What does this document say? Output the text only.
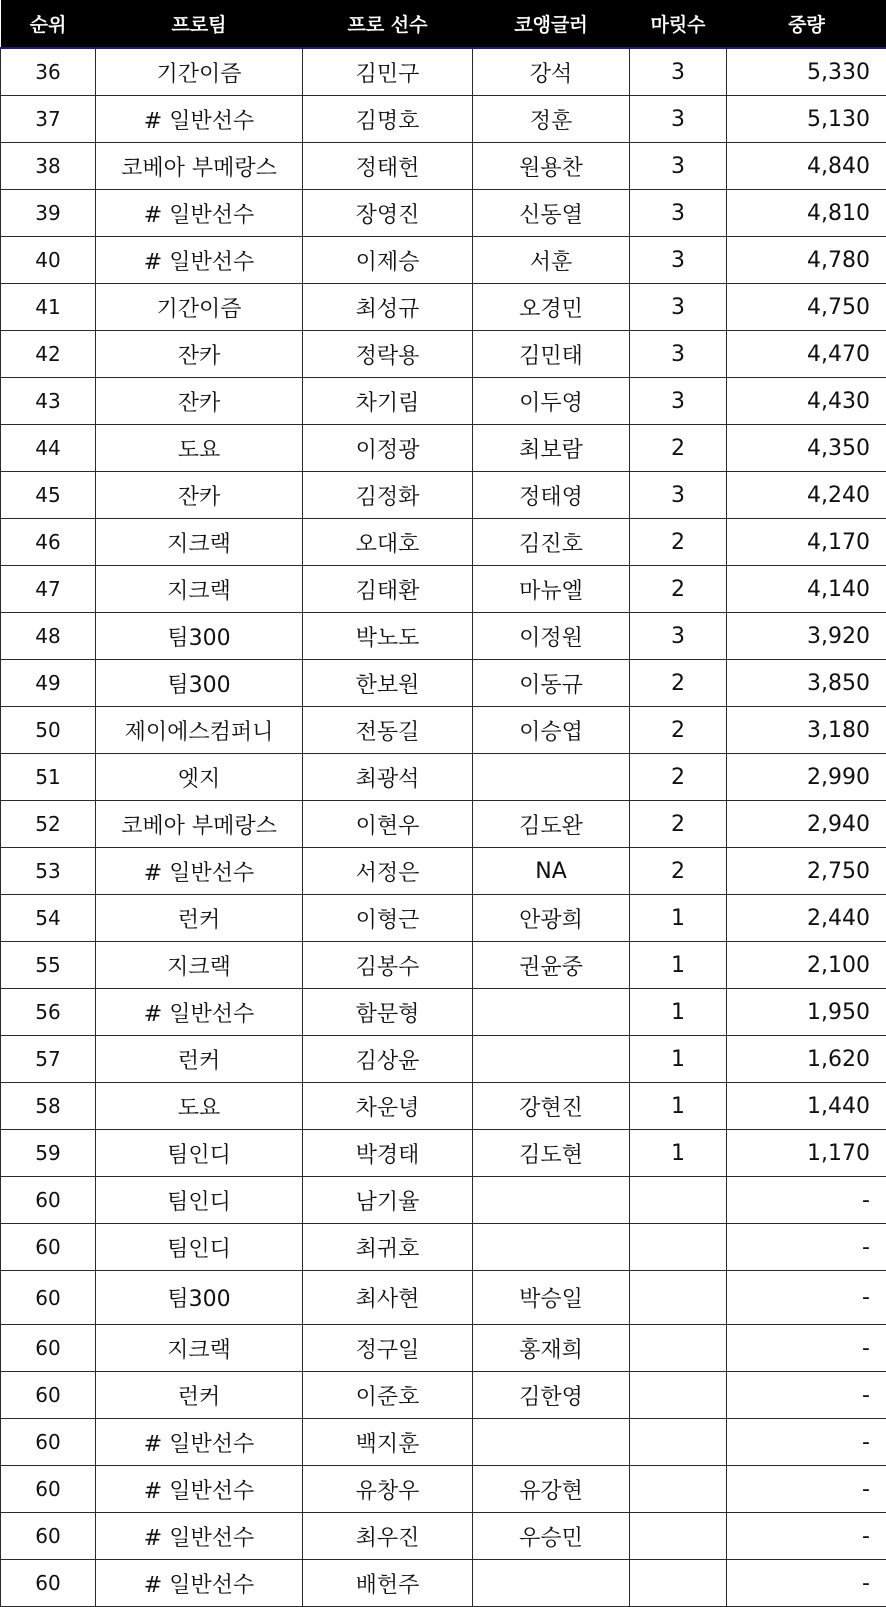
순위	프로팀	프로 선수	코앵글러	마릿수	중량
36	기간이즘	김민구	강석	3	5,330
37	# 일반선수	김명호	정훈	3	5,130
38	코베아 부메랑스	정태헌	원용찬	3	4,840
39	# 일반선수	장영진	신동열	3	4,810
40	# 일반선수	이제승	서훈	3	4,780
41	기간이즘	최성규	오경민	3	4,750
42	잔카	정락용	김민태	3	4,470
43	잔카	차기림	이두영	3	4,430
44	도요	이정광	최보람	2	4,350
45	잔카	김정화	정태영	3	4,240
46	지크랙	오대호	김진호	2	4,170
47	지크랙	김태환	마뉴엘	2	4,140
48	팀300	박노도	이정원	3	3,920
49	팀300	한보원	이동규	2	3,850
50	제이에스컴퍼니	전동길	이승엽	2	3,180
51	엣지	최광석		2	2,990
52	코베아 부메랑스	이현우	김도완	2	2,940
53	# 일반선수	서정은	NA	2	2,750
54	런커	이형근	안광희	1	2,440
55	지크랙	김봉수	권윤중	1	2,100
56	# 일반선수	함문형		1	1,950
57	런커	김상윤		1	1,620
58	도요	차운녕	강현진	1	1,440
59	팀인디	박경태	김도현	1	1,170
60	팀인디	남기율			-
60	팀인디	최귀호			-
60	팀300	최사현	박승일		-
60	지크랙	정구일	홍재희		-
60	런커	이준호	김한영		-
60	# 일반선수	백지훈			-
60	# 일반선수	유창우	유강현		-
60	# 일반선수	최우진	우승민		-
60	# 일반선수	배헌주			-
